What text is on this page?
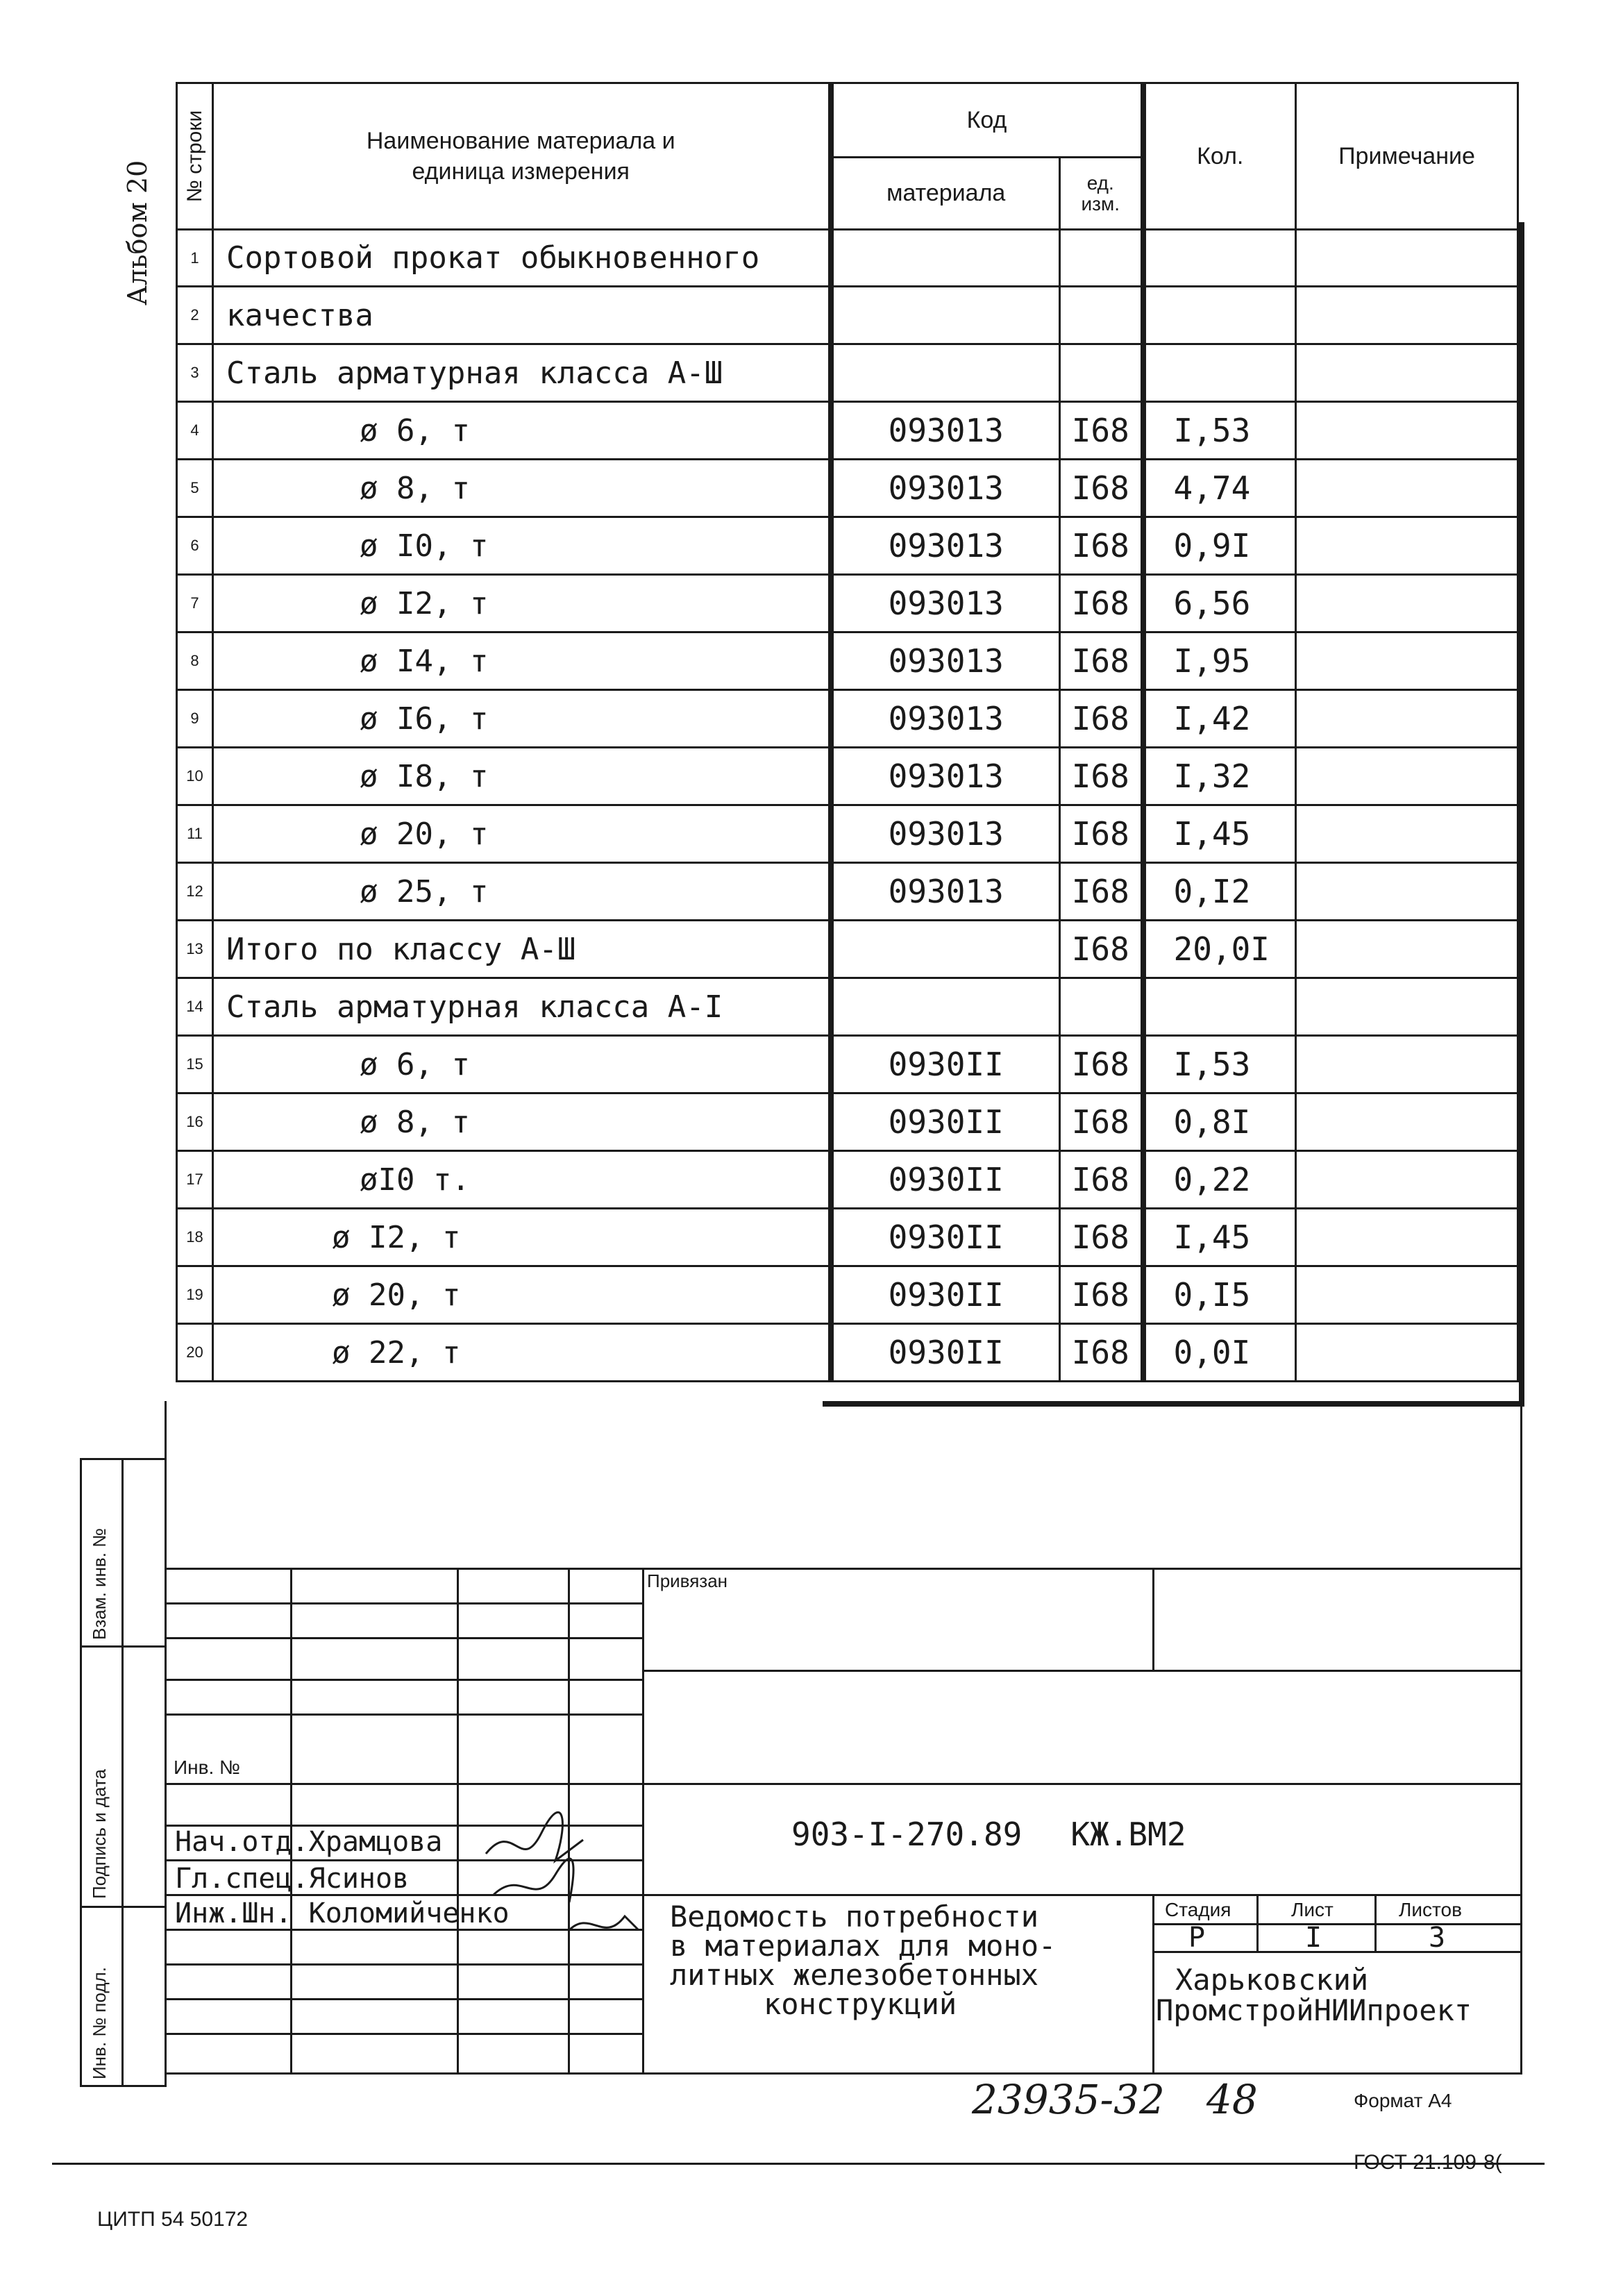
Альбом 20
№ строки	Наименование материала и единица измерения	Код		Кол.	Примечание
		материала	ед. изм.		

1	Сортовой прокат обыкновенного				
2	качества				
3	Сталь арматурная класса А-Ш				
4	ø 6, т	093013	I68	I,53	
5	ø 8, т	093013	I68	4,74	
6	ø I0, т	093013	I68	0,9I	
7	ø I2, т	093013	I68	6,56	
8	ø I4, т	093013	I68	I,95	
9	ø I6, т	093013	I68	I,42	
10	ø I8, т	093013	I68	I,32	
11	ø 20, т	093013	I68	I,45	
12	ø 25, т	093013	I68	0,I2	
13	Итого по классу А-Ш		I68	20,0I	
14	Сталь арматурная класса А-I				
15	ø 6, т	0930II	I68	I,53	
16	ø 8, т	0930II	I68	0,8I	
17	øI0 т.	0930II	I68	0,22	
18	ø I2, т	0930II	I68	I,45	
19	ø 20, т	0930II	I68	0,I5	
20	ø 22, т	0930II	I68	0,0I	
Взам. инв. №
Подпись и дата
Инв. № подл.
Привязан
Инв. №
Нач.отд.Храмцова
Гл.спец.Ясинов
Инж.Шн. Коломийченко
903-I-270.89 КЖ.ВМ2
Ведомость потребности
в материалах для моно-
литных железобетонных
конструкций
Стадия	Лист	Листов
Р	I	3
Харьковский
ПромстройНИИпроект
23935-32 48	Формат А4
ЦИТП 54 50172
ГОСТ 21.109-8(
